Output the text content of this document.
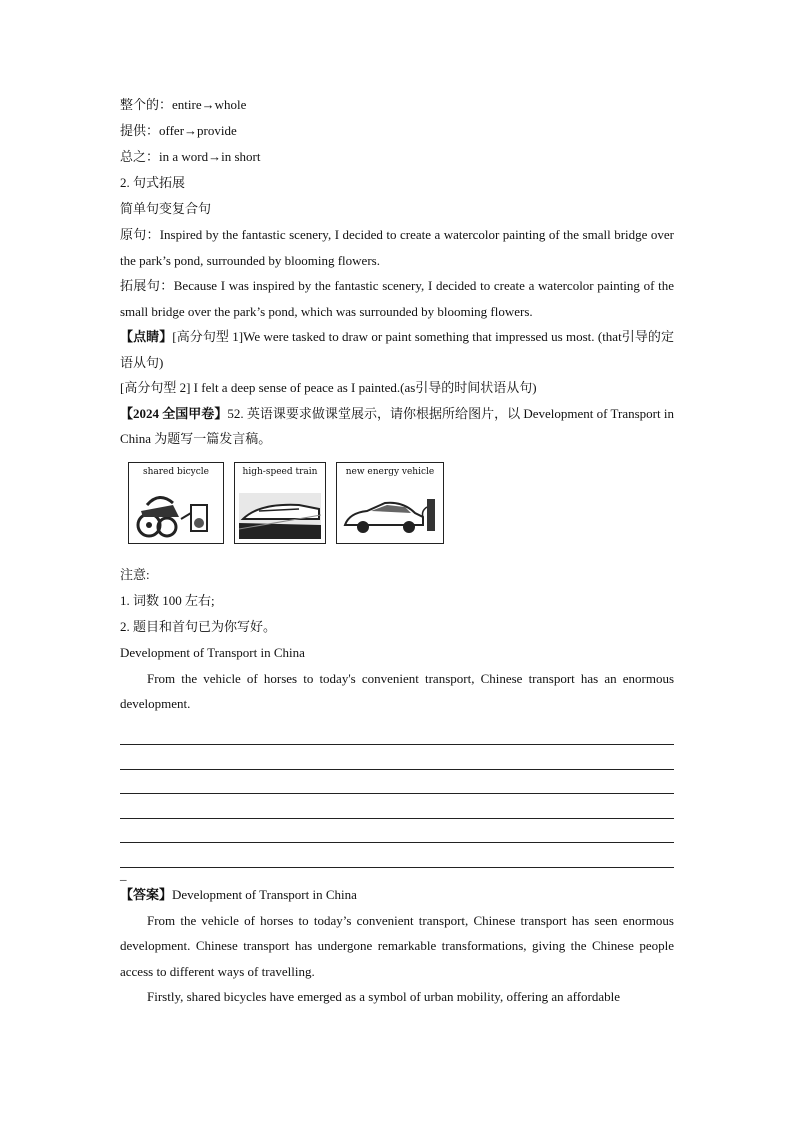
整个的：entire→whole
提供：offer→provide
总之：in a word→in short
2. 句式拓展
简单句变复合句
原句：Inspired by the fantastic scenery, I decided to create a watercolor painting of the small bridge over the park’s pond, surrounded by blooming flowers.
拓展句：Because I was inspired by the fantastic scenery, I decided to create a watercolor painting of the small bridge over the park’s pond, which was surrounded by blooming flowers.
【点睛】[高分句型 1]We were tasked to draw or paint something that impressed us most. (that引导的定语从句)
[高分句型 2] I felt a deep sense of peace as I painted.(as引导的时间状语从句)
【2024 全国甲卷】52. 英语课要求做课堂展示，请你根据所给图片，以 Development of Transport in China 为题写一篇发言稿。
shared bicycle	high-speed train	new energy vehicle
注意:
1. 词数 100 左右;
2. 题目和首句已为你写好。
Development of Transport in China
From the vehicle of horses to today's convenient transport, Chinese transport has an enormous development.
_
【答案】Development of Transport in China
From the vehicle of horses to today’s convenient transport, Chinese transport has seen enormous development. Chinese transport has undergone remarkable transformations, giving the Chinese people access to different ways of travelling.
Firstly, shared bicycles have emerged as a symbol of urban mobility, offering an affordable
